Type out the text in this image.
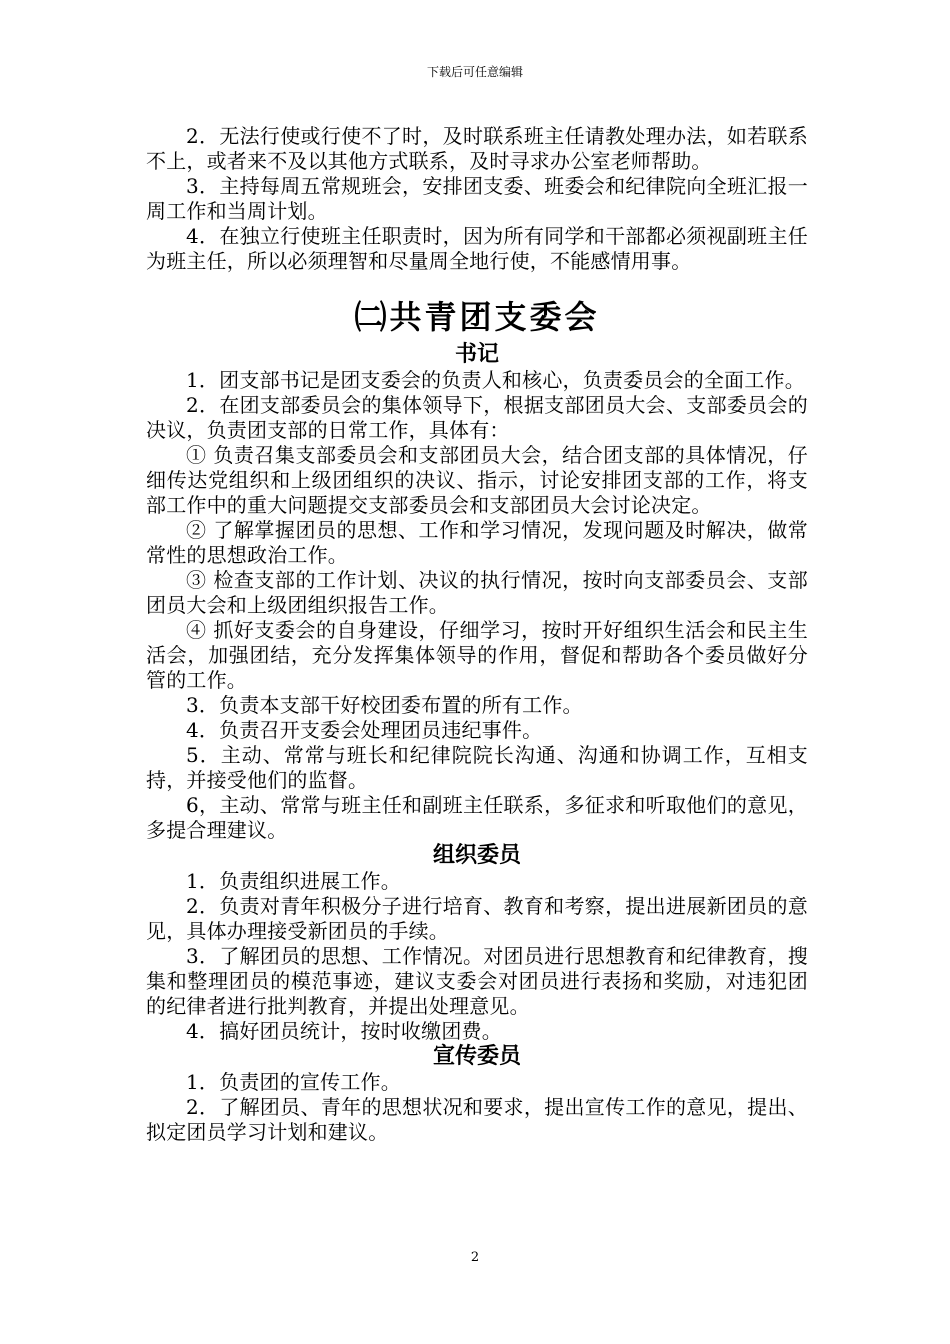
下载后可任意编辑

2．无法行使或行使不了时，及时联系班主任请教处理办法，如若联系不上，或者来不及以其他方式联系，及时寻求办公室老师帮助。

3．主持每周五常规班会，安排团支委、班委会和纪律院向全班汇报一周工作和当周计划。

4．在独立行使班主任职责时，因为所有同学和干部都必须视副班主任为班主任，所以必须理智和尽量周全地行使，不能感情用事。

㈡共青团支委会
书记

1．团支部书记是团支委会的负责人和核心，负责委员会的全面工作。

2．在团支部委员会的集体领导下，根据支部团员大会、支部委员会的决议，负责团支部的日常工作，具体有：

① 负责召集支部委员会和支部团员大会，结合团支部的具体情况，仔细传达党组织和上级团组织的决议、指示，讨论安排团支部的工作，将支部工作中的重大问题提交支部委员会和支部团员大会讨论决定。

② 了解掌握团员的思想、工作和学习情况，发现问题及时解决，做常常性的思想政治工作。

③ 检查支部的工作计划、决议的执行情况，按时向支部委员会、支部团员大会和上级团组织报告工作。

④ 抓好支委会的自身建设，仔细学习，按时开好组织生活会和民主生活会，加强团结，充分发挥集体领导的作用，督促和帮助各个委员做好分管的工作。

3．负责本支部干好校团委布置的所有工作。

4．负责召开支委会处理团员违纪事件。

5．主动、常常与班长和纪律院院长沟通、沟通和协调工作，互相支持，并接受他们的监督。

6，主动、常常与班主任和副班主任联系，多征求和听取他们的意见，多提合理建议。

组织委员

1．负责组织进展工作。

2．负责对青年积极分子进行培育、教育和考察，提出进展新团员的意见，具体办理接受新团员的手续。

3．了解团员的思想、工作情况。对团员进行思想教育和纪律教育，搜集和整理团员的模范事迹，建议支委会对团员进行表扬和奖励，对违犯团的纪律者进行批判教育，并提出处理意见。

4．搞好团员统计，按时收缴团费。

宣传委员

1．负责团的宣传工作。

2．了解团员、青年的思想状况和要求，提出宣传工作的意见，提出、拟定团员学习计划和建议。

2
